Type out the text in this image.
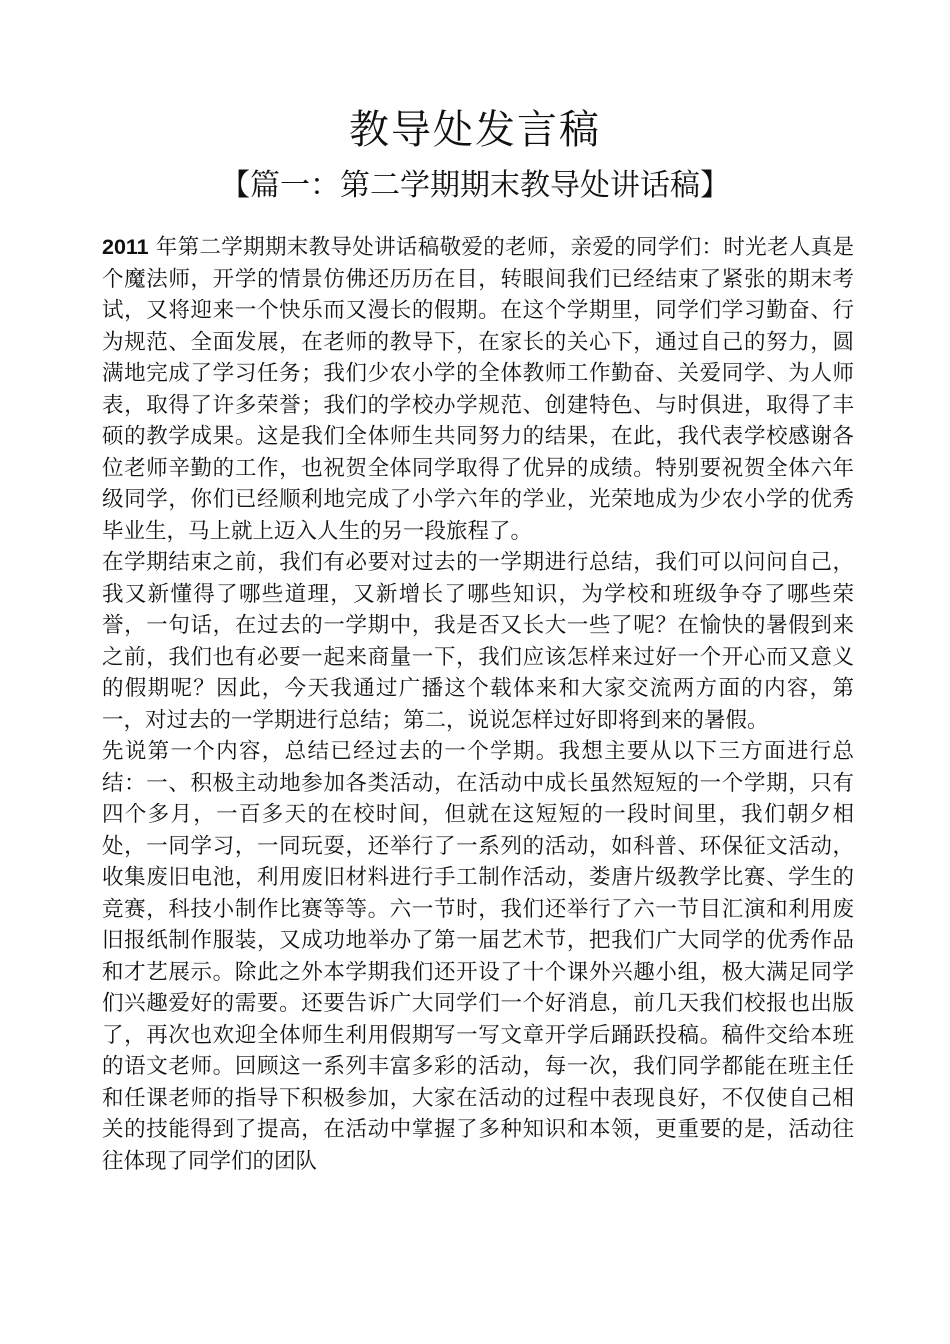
教导处发言稿
【篇一：第二学期期末教导处讲话稿】

2011 年第二学期期末教导处讲话稿敬爱的老师，亲爱的同学们：时光老人真是个魔法师，开学的情景仿佛还历历在目，转眼间我们已经结束了紧张的期末考试，又将迎来一个快乐而又漫长的假期。在这个学期里，同学们学习勤奋、行为规范、全面发展，在老师的教导下，在家长的关心下，通过自己的努力，圆满地完成了学习任务；我们少农小学的全体教师工作勤奋、关爱同学、为人师表，取得了许多荣誉；我们的学校办学规范、创建特色、与时俱进，取得了丰硕的教学成果。这是我们全体师生共同努力的结果，在此，我代表学校感谢各位老师辛勤的工作，也祝贺全体同学取得了优异的成绩。特别要祝贺全体六年级同学，你们已经顺利地完成了小学六年的学业，光荣地成为少农小学的优秀毕业生，马上就上迈入人生的另一段旅程了。

在学期结束之前，我们有必要对过去的一学期进行总结，我们可以问问自己，我又新懂得了哪些道理，又新增长了哪些知识，为学校和班级争夺了哪些荣誉，一句话，在过去的一学期中，我是否又长大一些了呢？在愉快的暑假到来之前，我们也有必要一起来商量一下，我们应该怎样来过好一个开心而又意义的假期呢？因此，今天我通过广播这个载体来和大家交流两方面的内容，第一，对过去的一学期进行总结；第二，说说怎样过好即将到来的暑假。

先说第一个内容，总结已经过去的一个学期。我想主要从以下三方面进行总结：一、积极主动地参加各类活动，在活动中成长虽然短短的一个学期，只有四个多月，一百多天的在校时间，但就在这短短的一段时间里，我们朝夕相处，一同学习，一同玩耍，还举行了一系列的活动，如科普、环保征文活动，收集废旧电池，利用废旧材料进行手工制作活动，娄唐片级教学比赛、学生的竞赛，科技小制作比赛等等。六一节时，我们还举行了六一节目汇演和利用废旧报纸制作服装，又成功地举办了第一届艺术节，把我们广大同学的优秀作品和才艺展示。除此之外本学期我们还开设了十个课外兴趣小组，极大满足同学们兴趣爱好的需要。还要告诉广大同学们一个好消息，前几天我们校报也出版了，再次也欢迎全体师生利用假期写一写文章开学后踊跃投稿。稿件交给本班的语文老师。回顾这一系列丰富多彩的活动，每一次，我们同学都能在班主任和任课老师的指导下积极参加，大家在活动的过程中表现良好，不仅使自己相关的技能得到了提高，在活动中掌握了多种知识和本领，更重要的是，活动往往体现了同学们的团队
